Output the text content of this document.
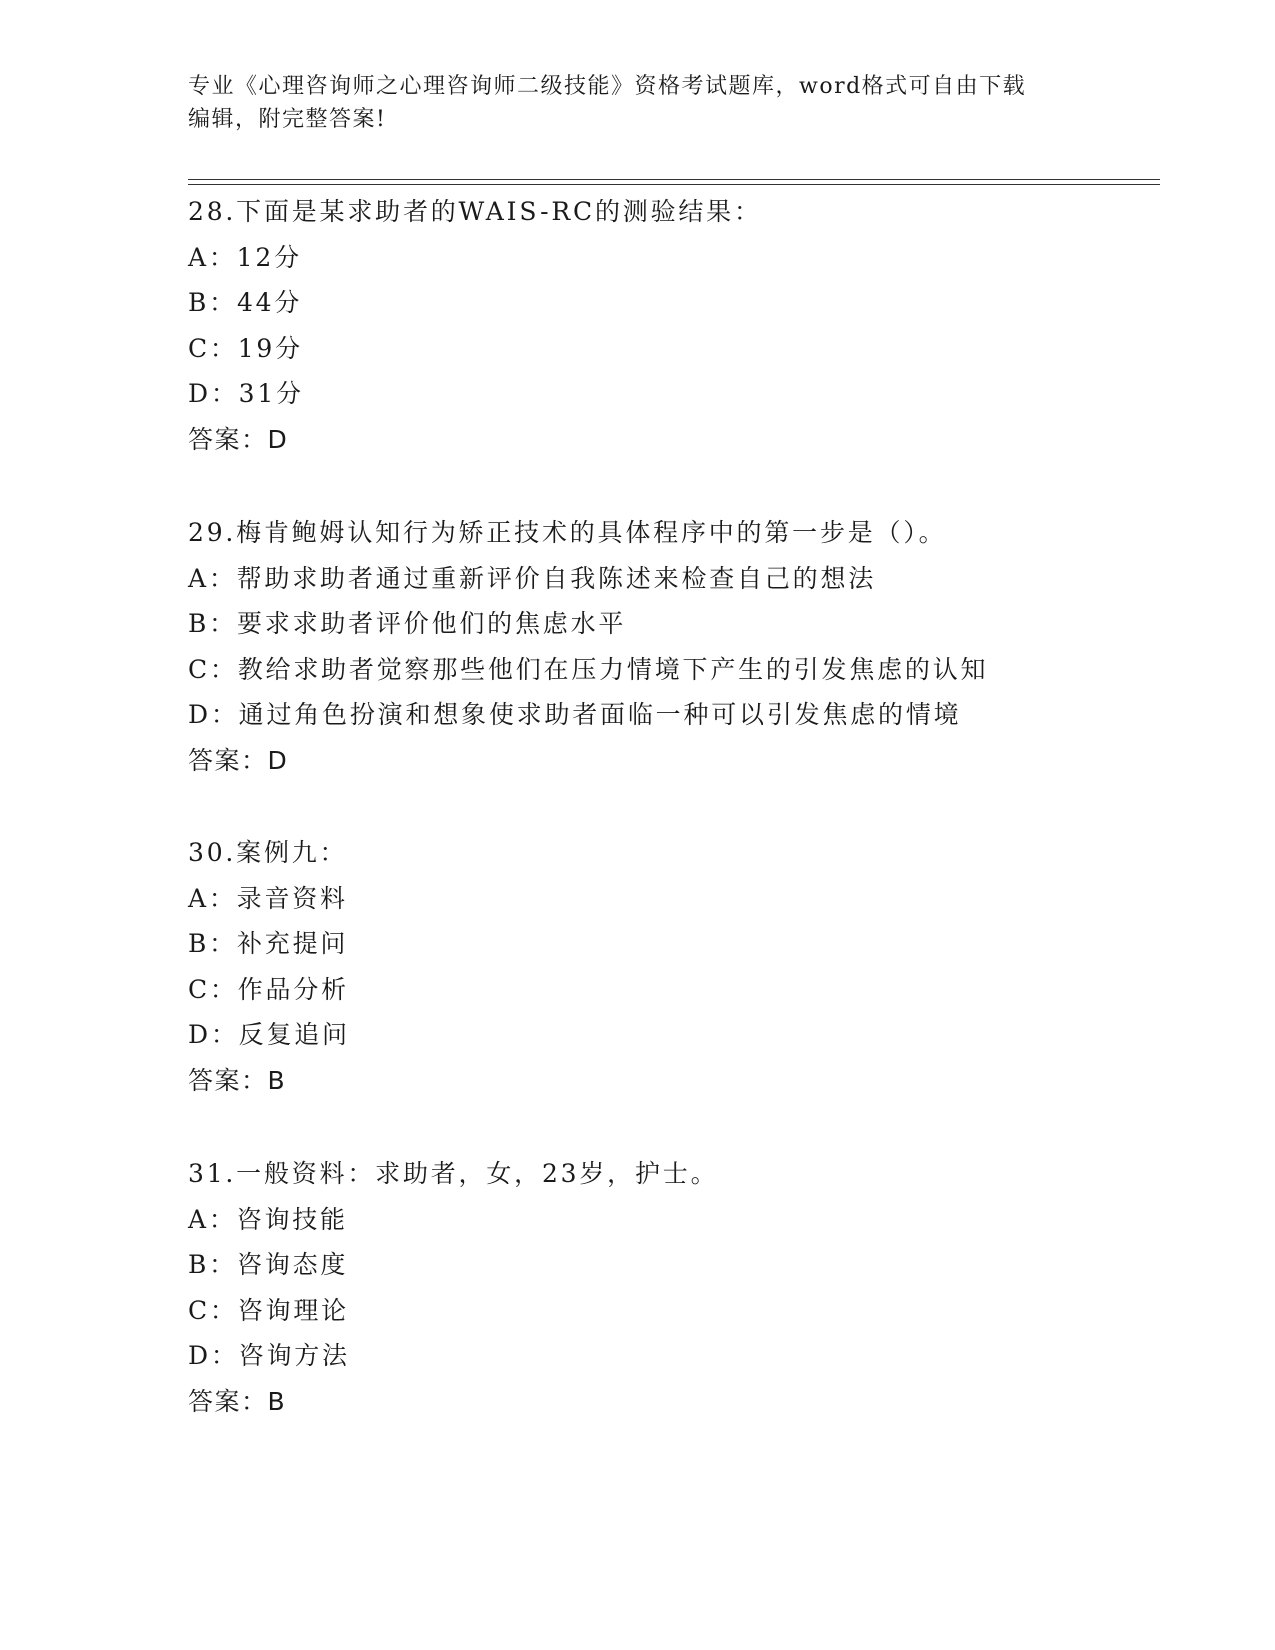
专业《心理咨询师之心理咨询师二级技能》资格考试题库，word格式可自由下载
编辑，附完整答案!
28.下面是某求助者的WAIS-RC的测验结果：
A：12分
B：44分
C：19分
D：31分
答案：D
29.梅肯鲍姆认知行为矫正技术的具体程序中的第一步是（）。
A：帮助求助者通过重新评价自我陈述来检查自己的想法
B：要求求助者评价他们的焦虑水平
C：教给求助者觉察那些他们在压力情境下产生的引发焦虑的认知
D：通过角色扮演和想象使求助者面临一种可以引发焦虑的情境
答案：D
30.案例九：
A：录音资料
B：补充提问
C：作品分析
D：反复追问
答案：B
31.一般资料：求助者，女，23岁，护士。
A：咨询技能
B：咨询态度
C：咨询理论
D：咨询方法
答案：B
